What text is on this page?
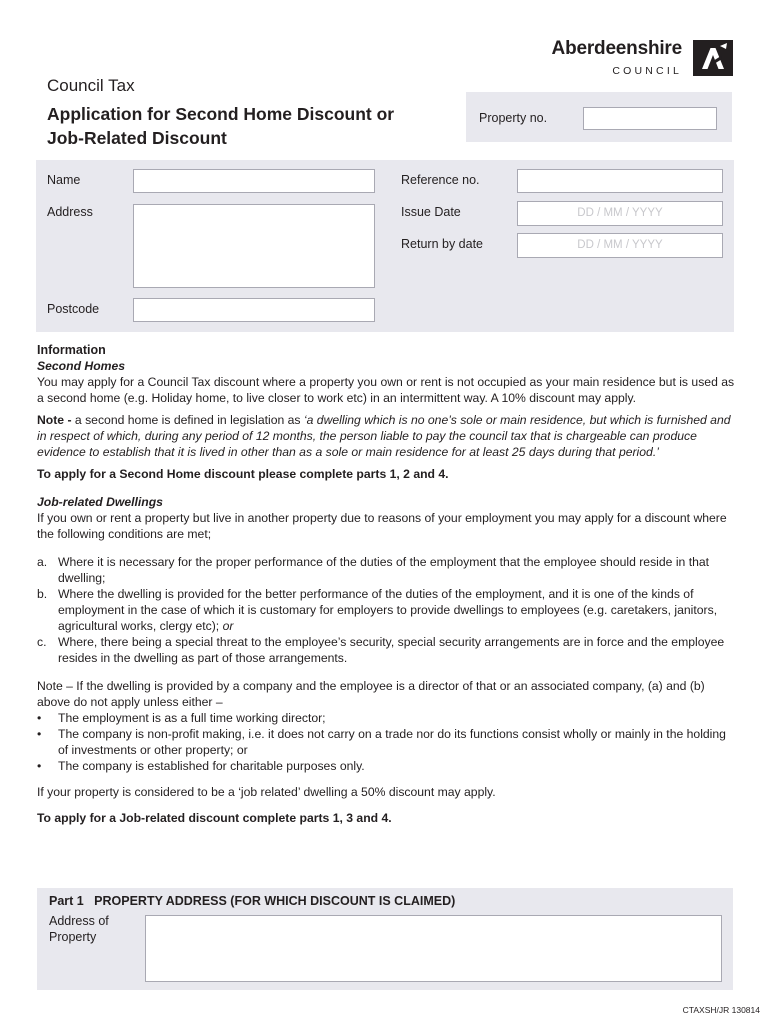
Aberdeenshire
COUNCIL
Council Tax
Application for Second Home Discount or
Job-Related Discount
Property no.
Name
Address
Postcode
Reference no.
Issue Date	DD / MM / YYYY
Return by date	DD / MM / YYYY

Information

Second Homes

You may apply for a Council Tax discount where a property you own or rent is not occupied as your main residence but is used as a second home (e.g. Holiday home, to live closer to work etc) in an intermittent way. A 10% discount may apply.

Note - a second home is defined in legislation as ‘a dwelling which is no one’s sole or main residence, but which is furnished and in respect of which, during any period of 12 months, the person liable to pay the council tax that is chargeable can produce evidence to establish that it is lived in other than as a sole or main residence for at least 25 days during that period.’

To apply for a Second Home discount please complete parts 1, 2 and 4.

Job-related Dwellings

If you own or rent a property but live in another property due to reasons of your employment you may apply for a discount where the following conditions are met;

a. Where it is necessary for the proper performance of the duties of the employment that the employee should reside in that dwelling;
b. Where the dwelling is provided for the better performance of the duties of the employment, and it is one of the kinds of employment in the case of which it is customary for employers to provide dwellings to employees (e.g. caretakers, janitors, agricultural works, clergy etc); or
c. Where, there being a special threat to the employee’s security, special security arrangements are in force and the employee resides in the dwelling as part of those arrangements.

Note – If the dwelling is provided by a company and the employee is a director of that or an associated company, (a) and (b) above do not apply unless either –

• The employment is as a full time working director;
• The company is non-profit making, i.e. it does not carry on a trade nor do its functions consist wholly or mainly in the holding of investments or other property; or
• The company is established for charitable purposes only.

If your property is considered to be a ‘job related’ dwelling a 50% discount may apply.

To apply for a Job-related discount complete parts 1, 3 and 4.

Part 1   PROPERTY ADDRESS (FOR WHICH DISCOUNT IS CLAIMED)
Address of Property
CTAXSH/JR 130814
